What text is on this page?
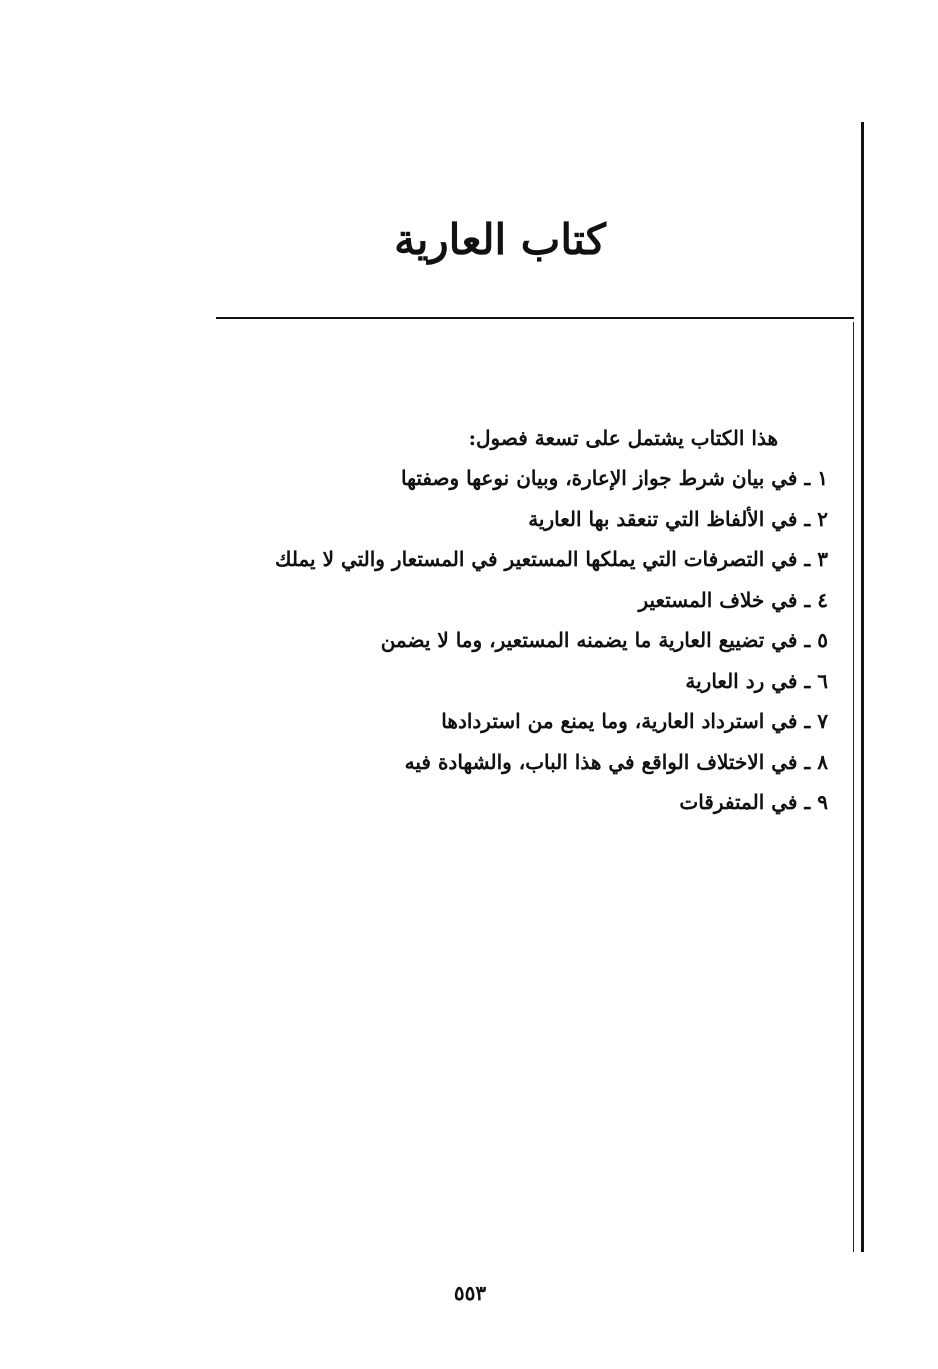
كتاب العارية

هذا الكتاب يشتمل على تسعة فصول:

١ ـ في بيان شرط جواز الإعارة، وبيان نوعها وصفتها
٢ ـ في الألفاظ التي تنعقد بها العارية
٣ ـ في التصرفات التي يملكها المستعير في المستعار والتي لا يملك
٤ ـ في خلاف المستعير
٥ ـ في تضييع العارية ما يضمنه المستعير، وما لا يضمن
٦ ـ في رد العارية
٧ ـ في استرداد العارية، وما يمنع من استردادها
٨ ـ في الاختلاف الواقع في هذا الباب، والشهادة فيه
٩ ـ في المتفرقات
٥٥٣
